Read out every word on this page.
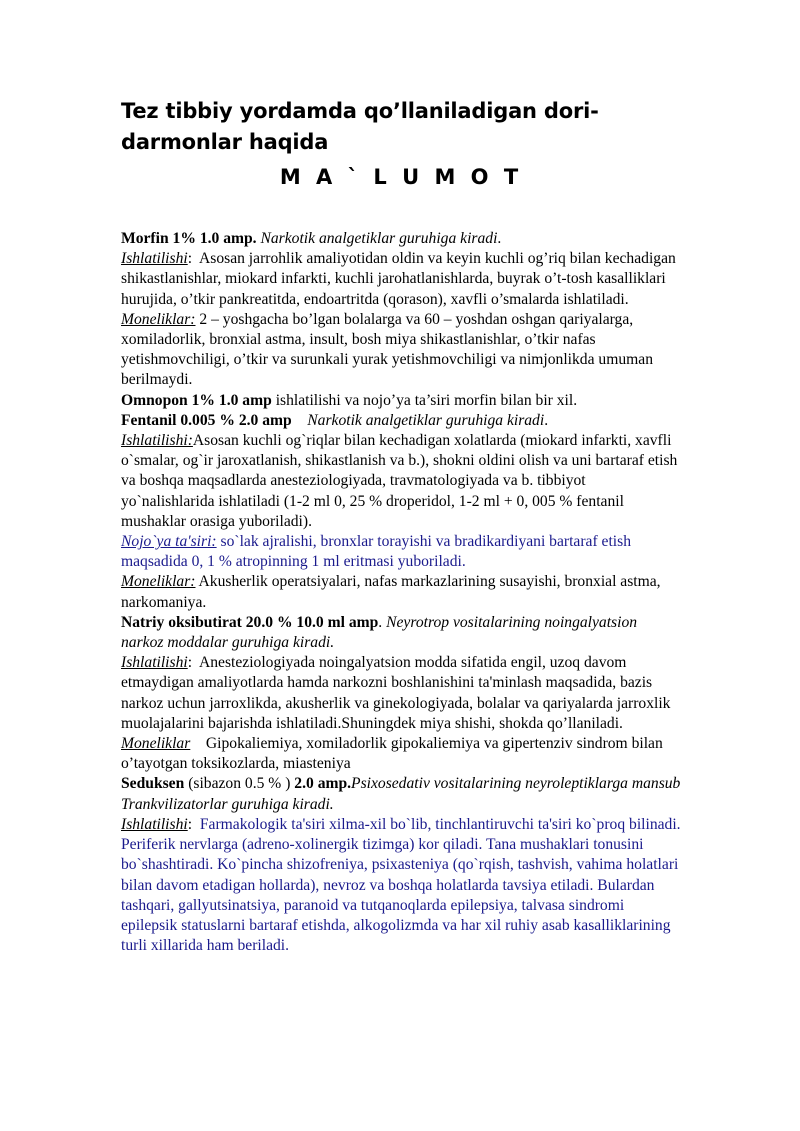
Tez tibbiy yordamda qo’llaniladigan dori-darmonlar haqida
M A ` L U M O T

Morfin 1% 1.0 amp. Narkotik analgetiklar guruhiga kiradi.

Ishlatilishi: Asosan jarrohlik amaliyotidan oldin va keyin kuchli og’riq bilan kechadigan shikastlanishlar, miokard infarkti, kuchli jarohatlanishlarda, buyrak o’t-tosh kasalliklari hurujida, o’tkir pankreatitda, endoartritda (qorason), xavfli o’smalarda ishlatiladi.

Moneliklar: 2 – yoshgacha bo’lgan bolalarga va 60 – yoshdan oshgan qariyalarga, xomiladorlik, bronxial astma, insult, bosh miya shikastlanishlar, o’tkir nafas yetishmovchiligi, o’tkir va surunkali yurak yetishmovchiligi va nimjonlikda umuman berilmaydi.

Omnopon 1% 1.0 amp ishlatilishi va nojo’ya ta’siri morfin bilan bir xil.

Fentanil 0.005 % 2.0 amp Narkotik analgetiklar guruhiga kiradi.

Ishlatilishi:Asosan kuchli og`riqlar bilan kechadigan xolatlarda (miokard infarkti, xavfli o`smalar, og`ir jaroxatlanish, shikastlanish va b.), shokni oldini olish va uni bartaraf etish va boshqa maqsadlarda anesteziologiyada, travmatologiyada va b. tibbiyot yo`nalishlarida ishlatiladi (1-2 ml 0, 25 % droperidol, 1-2 ml + 0, 005 % fentanil mushaklar orasiga yuboriladi).

Nojo`ya ta'siri: so`lak ajralishi, bronxlar torayishi va bradikardiyani bartaraf etish maqsadida 0, 1 % atropinning 1 ml eritmasi yuboriladi.

Moneliklar: Akusherlik operatsiyalari, nafas markazlarining susayishi, bronxial astma, narkomaniya.

Natriy oksibutirat 20.0 % 10.0 ml amp. Neyrotrop vositalarining noingalyatsion narkoz moddalar guruhiga kiradi.

Ishlatilishi: Anesteziologiyada noingalyatsion modda sifatida engil, uzoq davom etmaydigan amaliyotlarda hamda narkozni boshlanishini ta'minlash maqsadida, bazis narkoz uchun jarroxlikda, akusherlik va ginekologiyada, bolalar va qariyalarda jarroxlik muolajalarini bajarishda ishlatiladi.Shuningdek miya shishi, shokda qo’llaniladi.

Moneliklar Gipokaliemiya, xomiladorlik gipokaliemiya va gipertenziv sindrom bilan o’tayotgan toksikozlarda, miasteniya

Seduksen (sibazon 0.5 % ) 2.0 amp.Psixosedativ vositalarining neyroleptiklarga mansub Trankvilizatorlar guruhiga kiradi.

Ishlatilishi: Farmakologik ta'siri xilma-xil bo`lib, tinchlantiruvchi ta'siri ko`proq bilinadi. Periferik nervlarga (adreno-xolinergik tizimga) kor qiladi. Tana mushaklari tonusini bo`shashtiradi. Ko`pincha shizofreniya, psixasteniya (qo`rqish, tashvish, vahima holatlari bilan davom etadigan hollarda), nevroz va boshqa holatlarda tavsiya etiladi. Bulardan tashqari, gallyutsinatsiya, paranoid va tutqanoqlarda epilepsiya, talvasa sindromi epilepsik statuslarni bartaraf etishda, alkogolizmda va har xil ruhiy asab kasalliklarining turli xillarida ham beriladi.
